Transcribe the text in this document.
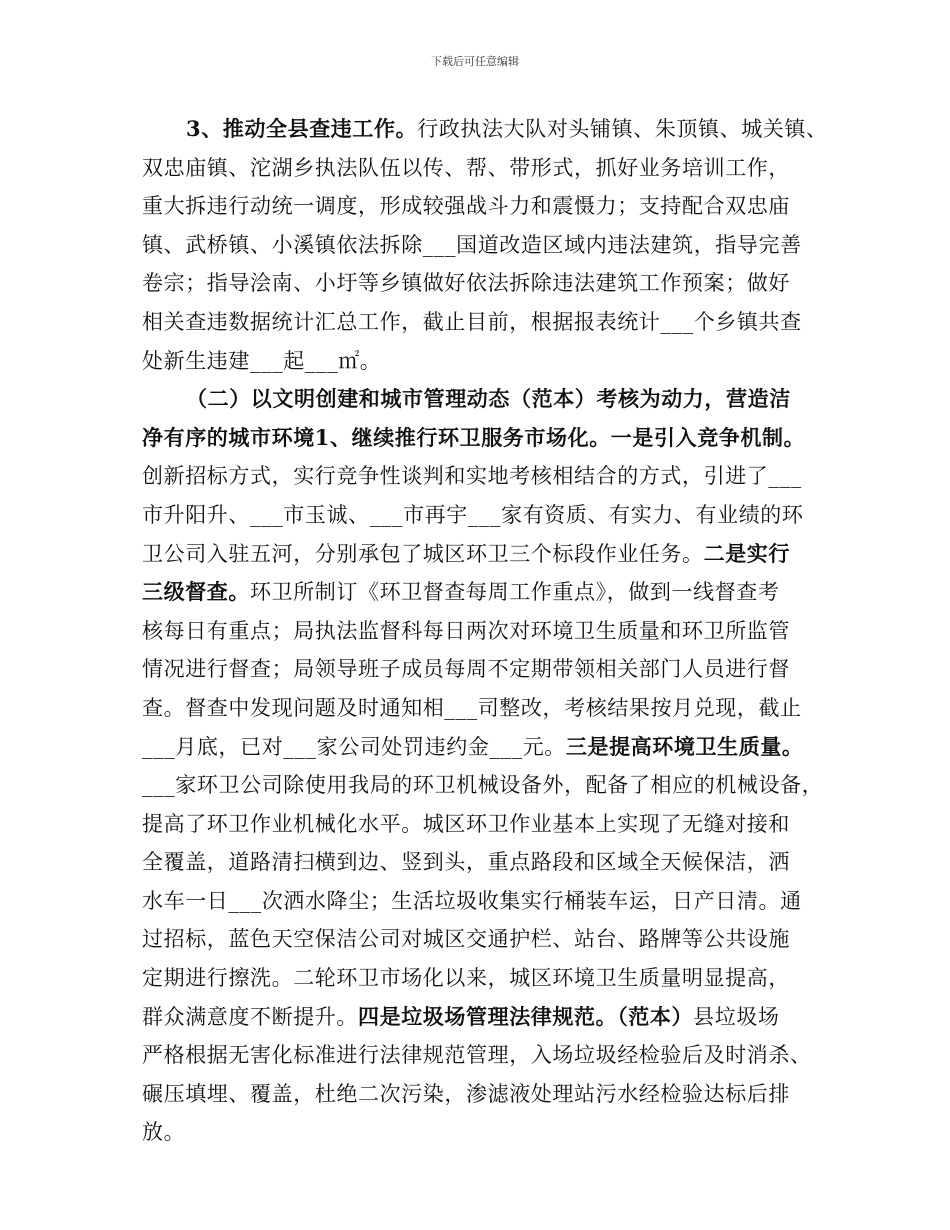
下载后可任意编辑
3、推动全县查违工作。行政执法大队对头铺镇、朱顶镇、城关镇、
双忠庙镇、沱湖乡执法队伍以传、帮、带形式，抓好业务培训工作，
重大拆违行动统一调度，形成较强战斗力和震慑力；支持配合双忠庙
镇、武桥镇、小溪镇依法拆除___国道改造区域内违法建筑，指导完善
卷宗；指导浍南、小圩等乡镇做好依法拆除违法建筑工作预案；做好
相关查违数据统计汇总工作，截止目前，根据报表统计___个乡镇共查
处新生违建___起___㎡。
（二）以文明创建和城市管理动态（范本）考核为动力，营造洁
净有序的城市环境1、继续推行环卫服务市场化。一是引入竞争机制。
创新招标方式，实行竞争性谈判和实地考核相结合的方式，引进了___
市升阳升、___市玉诚、___市再宇___家有资质、有实力、有业绩的环
卫公司入驻五河，分别承包了城区环卫三个标段作业任务。二是实行
三级督查。环卫所制订《环卫督查每周工作重点》，做到一线督查考
核每日有重点；局执法监督科每日两次对环境卫生质量和环卫所监管
情况进行督查；局领导班子成员每周不定期带领相关部门人员进行督
查。督查中发现问题及时通知相___司整改，考核结果按月兑现，截止
___月底，已对___家公司处罚违约金___元。三是提高环境卫生质量。
___家环卫公司除使用我局的环卫机械设备外，配备了相应的机械设备，
提高了环卫作业机械化水平。城区环卫作业基本上实现了无缝对接和
全覆盖，道路清扫横到边、竖到头，重点路段和区域全天候保洁，洒
水车一日___次洒水降尘；生活垃圾收集实行桶装车运，日产日清。通
过招标，蓝色天空保洁公司对城区交通护栏、站台、路牌等公共设施
定期进行擦洗。二轮环卫市场化以来，城区环境卫生质量明显提高，
群众满意度不断提升。四是垃圾场管理法律规范。（范本）县垃圾场
严格根据无害化标准进行法律规范管理，入场垃圾经检验后及时消杀、
碾压填埋、覆盖，杜绝二次污染，渗滤液处理站污水经检验达标后排
放。
